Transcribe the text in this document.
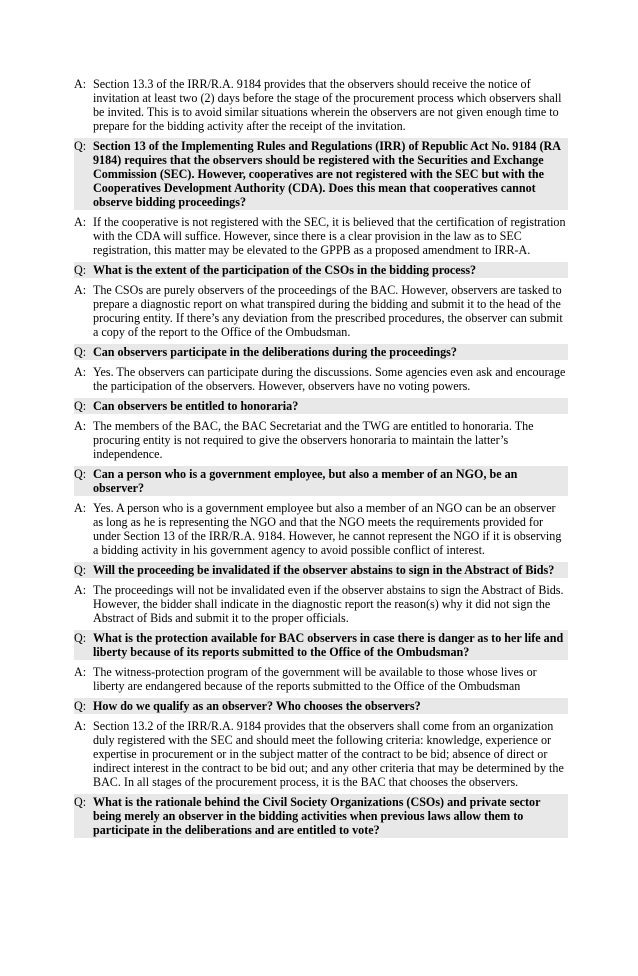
A: Section 13.3 of the IRR/R.A. 9184 provides that the observers should receive the notice of invitation at least two (2) days before the stage of the procurement process which observers shall be invited. This is to avoid similar situations wherein the observers are not given enough time to prepare for the bidding activity after the receipt of the invitation.
Q: Section 13 of the Implementing Rules and Regulations (IRR) of Republic Act No. 9184 (RA 9184) requires that the observers should be registered with the Securities and Exchange Commission (SEC). However, cooperatives are not registered with the SEC but with the Cooperatives Development Authority (CDA). Does this mean that cooperatives cannot observe bidding proceedings?
A: If the cooperative is not registered with the SEC, it is believed that the certification of registration with the CDA will suffice. However, since there is a clear provision in the law as to SEC registration, this matter may be elevated to the GPPB as a proposed amendment to IRR-A.
Q: What is the extent of the participation of the CSOs in the bidding process?
A: The CSOs are purely observers of the proceedings of the BAC. However, observers are tasked to prepare a diagnostic report on what transpired during the bidding and submit it to the head of the procuring entity. If there’s any deviation from the prescribed procedures, the observer can submit a copy of the report to the Office of the Ombudsman.
Q: Can observers participate in the deliberations during the proceedings?
A: Yes. The observers can participate during the discussions. Some agencies even ask and encourage the participation of the observers. However, observers have no voting powers.
Q: Can observers be entitled to honoraria?
A: The members of the BAC, the BAC Secretariat and the TWG are entitled to honoraria. The procuring entity is not required to give the observers honoraria to maintain the latter’s independence.
Q: Can a person who is a government employee, but also a member of an NGO, be an observer?
A: Yes. A person who is a government employee but also a member of an NGO can be an observer as long as he is representing the NGO and that the NGO meets the requirements provided for under Section 13 of the IRR/R.A. 9184. However, he cannot represent the NGO if it is observing a bidding activity in his government agency to avoid possible conflict of interest.
Q: Will the proceeding be invalidated if the observer abstains to sign in the Abstract of Bids?
A: The proceedings will not be invalidated even if the observer abstains to sign the Abstract of Bids. However, the bidder shall indicate in the diagnostic report the reason(s) why it did not sign the Abstract of Bids and submit it to the proper officials.
Q: What is the protection available for BAC observers in case there is danger as to her life and liberty because of its reports submitted to the Office of the Ombudsman?
A: The witness-protection program of the government will be available to those whose lives or liberty are endangered because of the reports submitted to the Office of the Ombudsman
Q: How do we qualify as an observer? Who chooses the observers?
A: Section 13.2 of the IRR/R.A. 9184 provides that the observers shall come from an organization duly registered with the SEC and should meet the following criteria: knowledge, experience or expertise in procurement or in the subject matter of the contract to be bid; absence of direct or indirect interest in the contract to be bid out; and any other criteria that may be determined by the BAC. In all stages of the procurement process, it is the BAC that chooses the observers.
Q: What is the rationale behind the Civil Society Organizations (CSOs) and private sector being merely an observer in the bidding activities when previous laws allow them to participate in the deliberations and are entitled to vote?
